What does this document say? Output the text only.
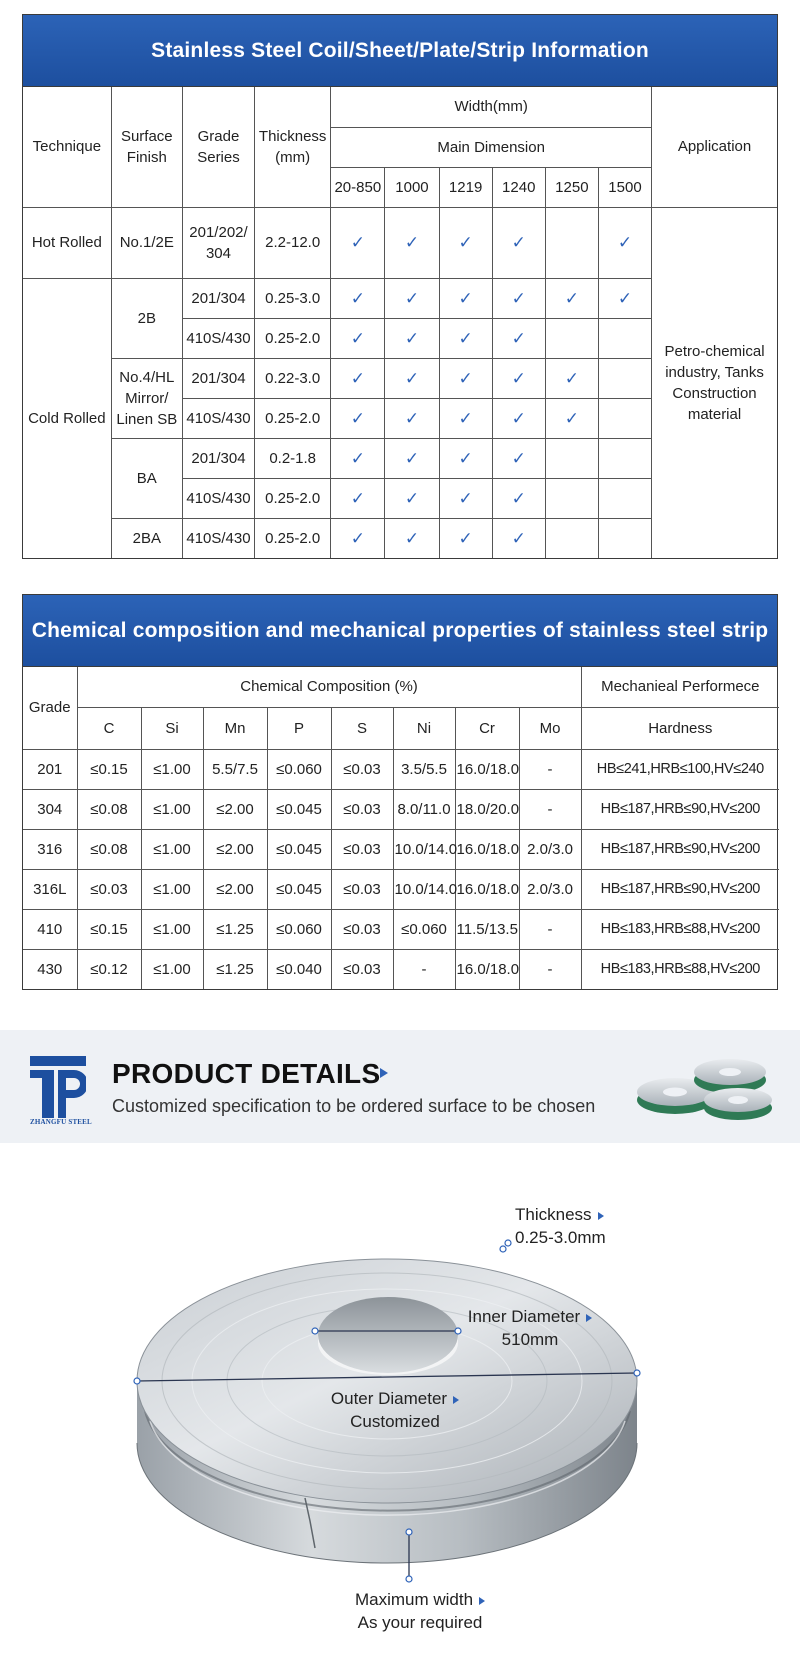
Stainless Steel Coil/Sheet/Plate/Strip Information
Technique	Surface Finish	Grade Series	Thickness (mm)	Width(mm)						Application
				Main Dimension						
				20-850	1000	1219	1240	1250	1500	
Hot Rolled	No.1/2E	201/202/ 304	2.2-12.0	✓	✓	✓	✓		✓	Petro-chemical industry, Tanks Construction material
Cold Rolled	2B	201/304	0.25-3.0	✓	✓	✓	✓	✓	✓	
		410S/430	0.25-2.0	✓	✓	✓	✓			
	No.4/HL Mirror/ Linen SB	201/304	0.22-3.0	✓	✓	✓	✓	✓		
		410S/430	0.25-2.0	✓	✓	✓	✓	✓		
	BA	201/304	0.2-1.8	✓	✓	✓	✓			
		410S/430	0.25-2.0	✓	✓	✓	✓			
	2BA	410S/430	0.25-2.0	✓	✓	✓	✓			
Chemical composition and mechanical properties of stainless steel strip
Grade	Chemical Composition (%)								Mechanieal Performece
	C	Si	Mn	P	S	Ni	Cr	Mo	Hardness
201	≤0.15	≤1.00	5.5/7.5	≤0.060	≤0.03	3.5/5.5	16.0/18.0	-	HB≤241,HRB≤100,HV≤240
304	≤0.08	≤1.00	≤2.00	≤0.045	≤0.03	8.0/11.0	18.0/20.0	-	HB≤187,HRB≤90,HV≤200
316	≤0.08	≤1.00	≤2.00	≤0.045	≤0.03	10.0/14.0	16.0/18.0	2.0/3.0	HB≤187,HRB≤90,HV≤200
316L	≤0.03	≤1.00	≤2.00	≤0.045	≤0.03	10.0/14.0	16.0/18.0	2.0/3.0	HB≤187,HRB≤90,HV≤200
410	≤0.15	≤1.00	≤1.25	≤0.060	≤0.03	≤0.060	11.5/13.5	-	HB≤183,HRB≤88,HV≤200
430	≤0.12	≤1.00	≤1.25	≤0.040	≤0.03	-	16.0/18.0	-	HB≤183,HRB≤88,HV≤200
ZHANGFU STEEL
PRODUCT DETAILS
Customized specification to be ordered surface to be chosen
Thickness
0.25-3.0mm
Inner Diameter
510mm
Outer Diameter
Customized
Maximum width
As your required
